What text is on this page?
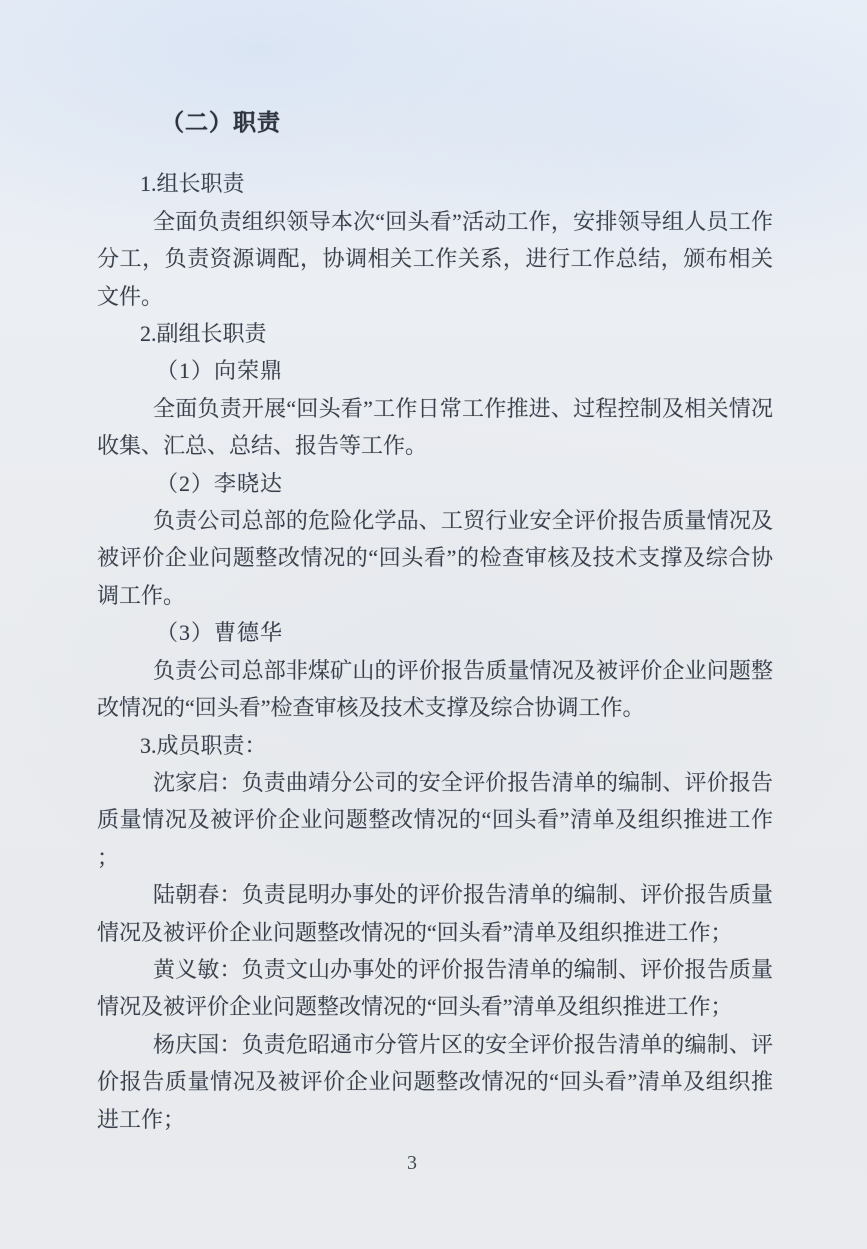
（二）职责

1.组长职责

全面负责组织领导本次“回头看”活动工作，安排领导组人员工作分工，负责资源调配，协调相关工作关系，进行工作总结，颁布相关文件。

2.副组长职责

（1）向荣鼎

全面负责开展“回头看”工作日常工作推进、过程控制及相关情况收集、汇总、总结、报告等工作。

（2）李晓达

负责公司总部的危险化学品、工贸行业安全评价报告质量情况及被评价企业问题整改情况的“回头看”的检查审核及技术支撑及综合协调工作。

（3）曹德华

负责公司总部非煤矿山的评价报告质量情况及被评价企业问题整改情况的“回头看”检查审核及技术支撑及综合协调工作。

3.成员职责：

沈家启：负责曲靖分公司的安全评价报告清单的编制、评价报告质量情况及被评价企业问题整改情况的“回头看”清单及组织推进工作；

陆朝春：负责昆明办事处的评价报告清单的编制、评价报告质量情况及被评价企业问题整改情况的“回头看”清单及组织推进工作；

黄义敏：负责文山办事处的评价报告清单的编制、评价报告质量情况及被评价企业问题整改情况的“回头看”清单及组织推进工作；

杨庆国：负责危昭通市分管片区的安全评价报告清单的编制、评价报告质量情况及被评价企业问题整改情况的“回头看”清单及组织推进工作；

3
